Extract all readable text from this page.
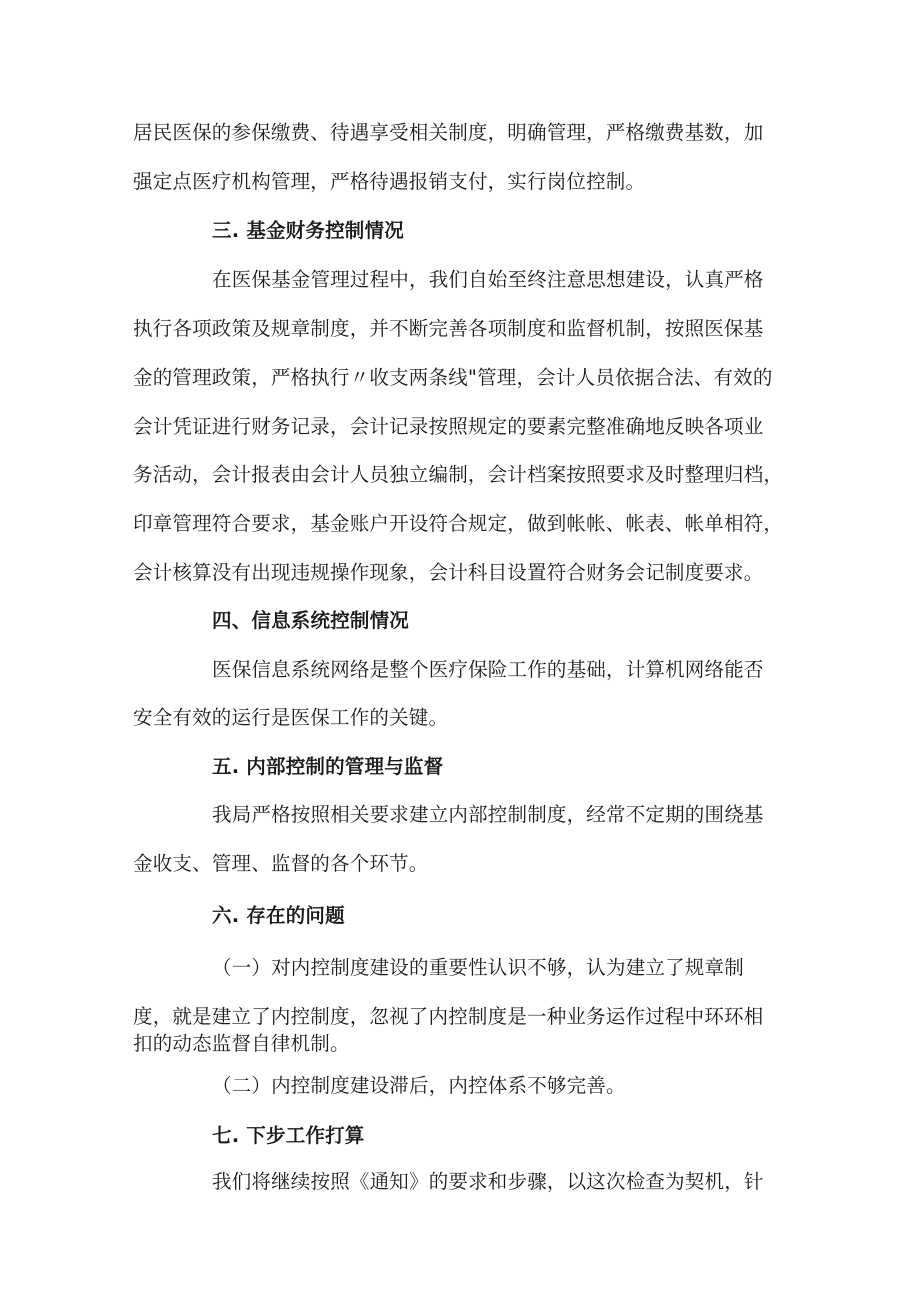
居民医保的参保缴费、待遇享受相关制度，明确管理，严格缴费基数，加
强定点医疗机构管理，严格待遇报销支付，实行岗位控制。
三. 基金财务控制情况
在医保基金管理过程中，我们自始至终注意思想建设，认真严格
执行各项政策及规章制度，并不断完善各项制度和监督机制，按照医保基
金的管理政策，严格执行〃收支两条线"管理，会计人员依据合法、有效的
会计凭证进行财务记录，会计记录按照规定的要素完整准确地反映各项业
务活动，会计报表由会计人员独立编制，会计档案按照要求及时整理归档，
印章管理符合要求，基金账户开设符合规定，做到帐帐、帐表、帐单相符，
会计核算没有出现违规操作现象，会计科目设置符合财务会记制度要求。
四、信息系统控制情况
医保信息系统网络是整个医疗保险工作的基础，计算机网络能否
安全有效的运行是医保工作的关键。
五. 内部控制的管理与监督
我局严格按照相关要求建立内部控制制度，经常不定期的围绕基
金收支、管理、监督的各个环节。
六. 存在的问题
（一）对内控制度建设的重要性认识不够，认为建立了规章制
度，就是建立了内控制度，忽视了内控制度是一种业务运作过程中环环相
扣的动态监督自律机制。
（二）内控制度建设滞后，内控体系不够完善。
七. 下步工作打算
我们将继续按照《通知》的要求和步骤，以这次检查为契机，针
